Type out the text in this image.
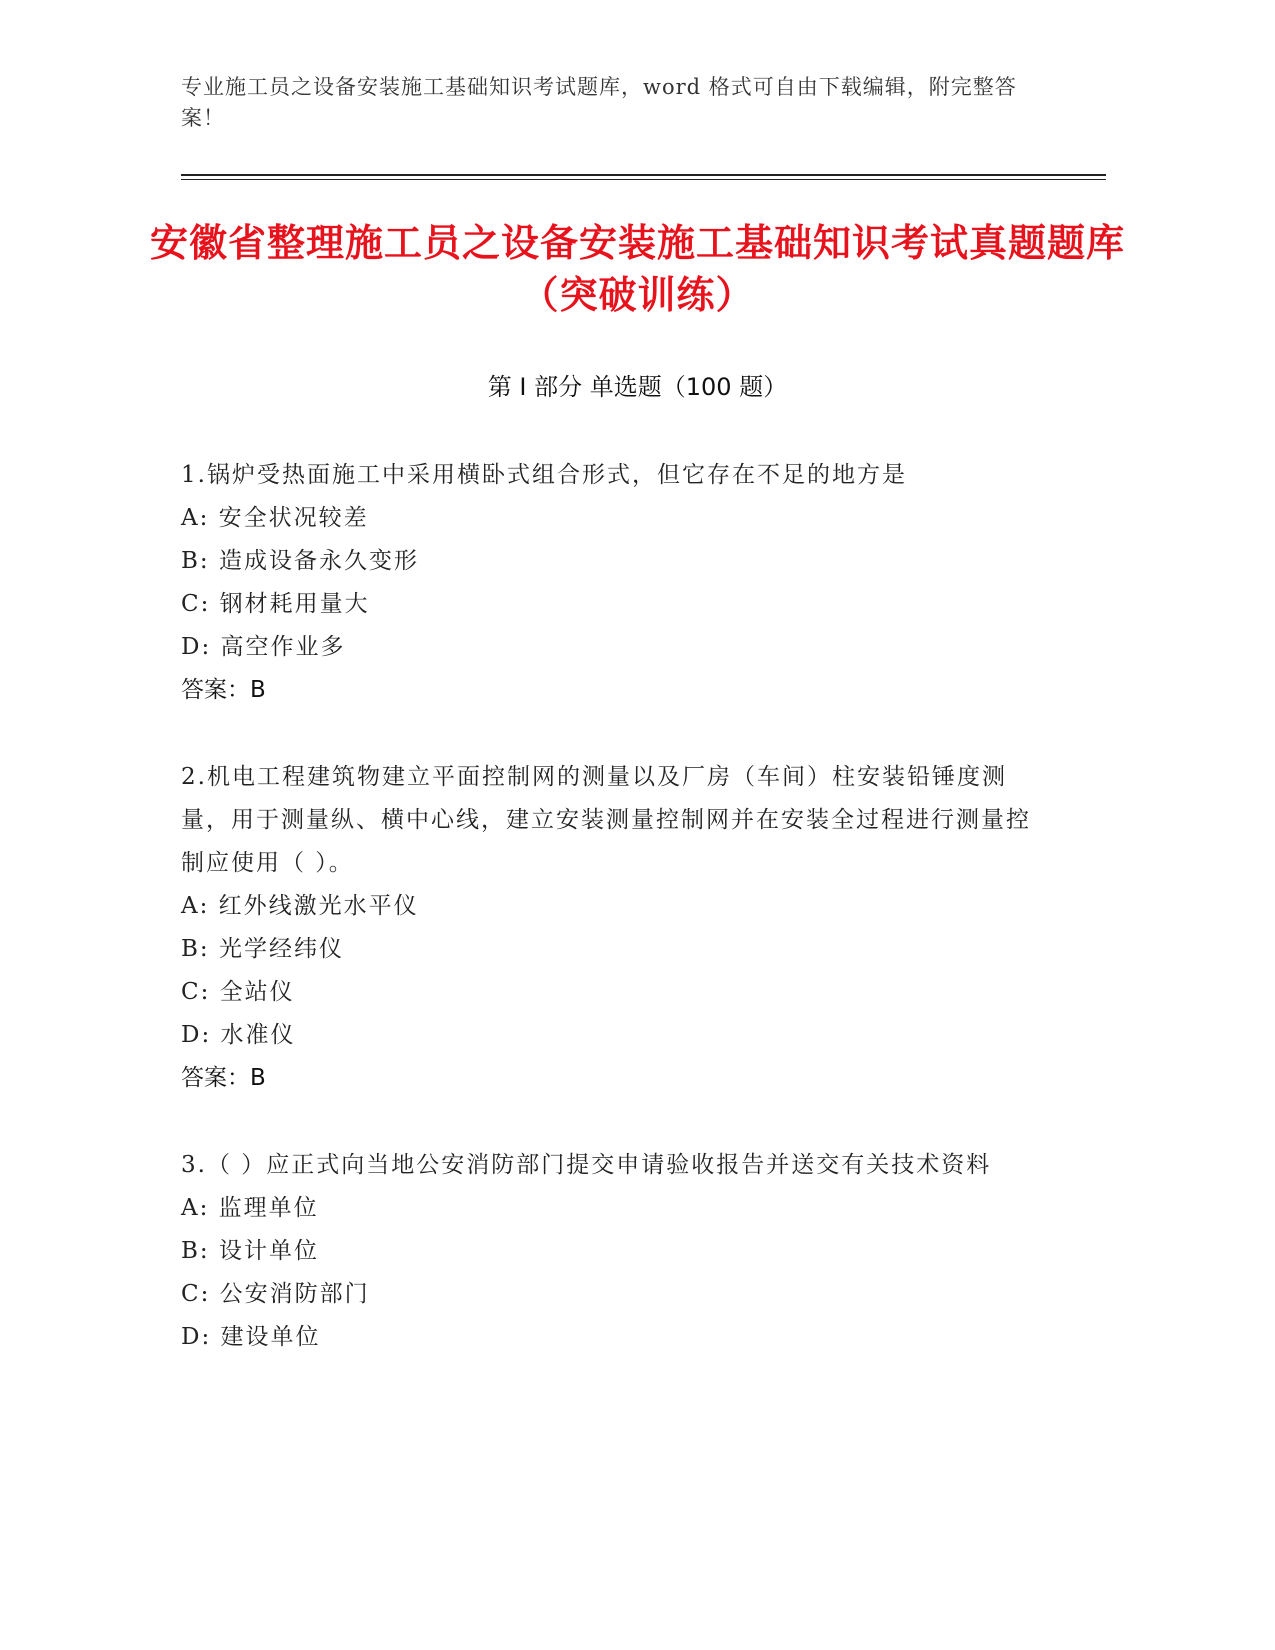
专业施工员之设备安装施工基础知识考试题库，word 格式可自由下载编辑，附完整答案！
安徽省整理施工员之设备安装施工基础知识考试真题题库（突破训练）
第 I 部分 单选题（100 题）
1.锅炉受热面施工中采用横卧式组合形式，但它存在不足的地方是
A: 安全状况较差
B: 造成设备永久变形
C: 钢材耗用量大
D: 高空作业多
答案：B
2.机电工程建筑物建立平面控制网的测量以及厂房（车间）柱安装铅锤度测量，用于测量纵、横中心线，建立安装测量控制网并在安装全过程进行测量控制应使用（ ）。
A: 红外线激光水平仪
B: 光学经纬仪
C: 全站仪
D: 水准仪
答案：B
3.（ ）应正式向当地公安消防部门提交申请验收报告并送交有关技术资料
A: 监理单位
B: 设计单位
C: 公安消防部门
D: 建设单位
